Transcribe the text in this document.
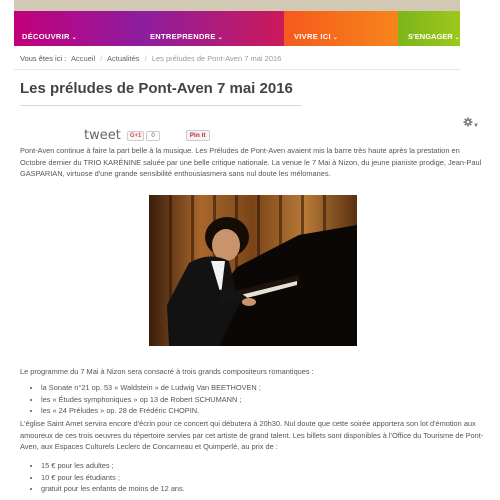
DÉCOUVRIR ⌄	ENTREPRENDRE ⌄	VIVRE ICI ⌄	S'ENGAGER ⌄
Vous êtes ici : Accueil / Actualités / Les préludes de Pont-Aven 7 mai 2016
Les préludes de Pont-Aven 7 mai 2016
▼
tweet	G+1	0	Pin it
Pont-Aven continue à faire la part belle à la musique. Les Préludes de Pont-Aven avaient mis la barre très haute après la prestation en Octobre dernier du TRIO KARÉNINE saluée par une belle critique nationale. La venue le 7 Mai à Nizon, du jeune pianiste prodige, Jean-Paul GASPARIAN, virtuose d'une grande sensibilité enthousiasmera sans nul doute les mélomanes.
Le programme du 7 Mai à Nizon sera consacré à trois grands compositeurs romantiques :
• la Sonate n°21 op. 53 « Waldstein » de Ludwig Van BEETHOVEN ;
• les « Études symphoniques » op 13 de Robert SCHUMANN ;
• les « 24 Préludes » op. 28 de Frédéric CHOPIN.
L'église Saint Amet servira encore d'écrin pour ce concert qui débutera à 20h30. Nul doute que cette soirée apportera son lot d'émotion aux amoureux de ces trois oeuvres du répertoire servies par cet artiste de grand talent. Les billets sont disponibles à l'Office du Tourisme de Pont-Aven, aux Espaces Culturels Leclerc de Concarneau et Quimperlé, au prix de :
• 15 € pour les adultes ;
• 10 € pour les étudiants ;
• gratuit pour les enfants de moins de 12 ans.
